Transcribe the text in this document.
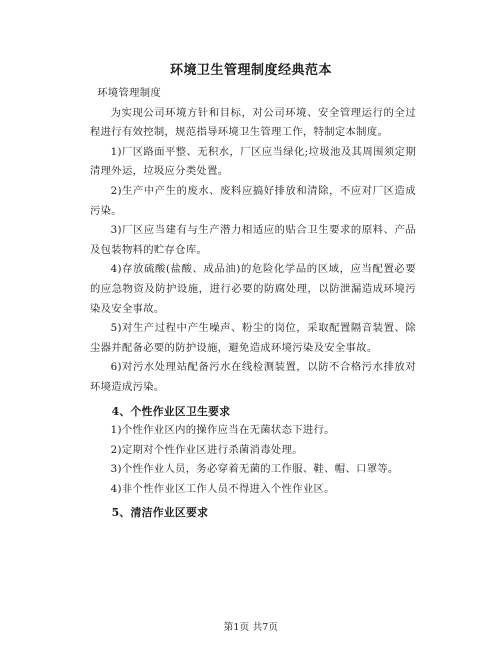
环境卫生管理制度经典范本

环境管理制度

为实现公司环境方针和目标，对公司环境、安全管理运行的全过程进行有效控制，规范指导环境卫生管理工作，特制定本制度。

1)厂区路面平整、无积水，厂区应当绿化;垃圾池及其周围须定期清理外运，垃圾应分类处置。

2)生产中产生的废水、废料应搞好排放和清除，不应对厂区造成污染。

3)厂区应当建有与生产潜力相适应的贴合卫生要求的原料、产品及包装物料的贮存仓库。

4)存放硫酸(盐酸、成品油)的危险化学品的区域，应当配置必要的应急物资及防护设施，进行必要的防腐处理，以防泄漏造成环境污染及安全事故。

5)对生产过程中产生噪声、粉尘的岗位，采取配置隔音装置、除尘器并配备必要的防护设施，避免造成环境污染及安全事故。

6)对污水处理站配备污水在线检测装置，以防不合格污水排放对环境造成污染。

4、个性作业区卫生要求

1)个性作业区内的操作应当在无菌状态下进行。

2)定期对个性作业区进行杀菌消毒处理。

3)个性作业人员，务必穿着无菌的工作服、鞋、帽、口罩等。

4)非个性作业区工作人员不得进入个性作业区。

5、清洁作业区要求

第1页 共7页
